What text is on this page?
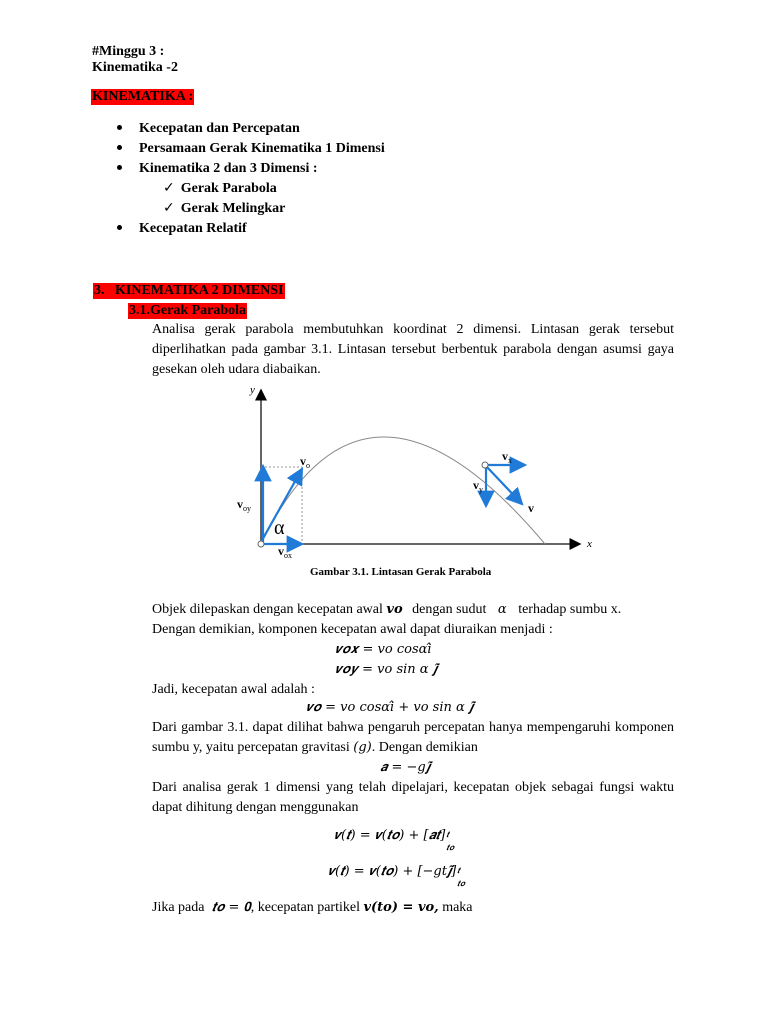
#Minggu 3 :
Kinematika -2
KINEMATIKA :
Kecepatan dan Percepatan
Persamaan Gerak Kinematika 1 Dimensi
Kinematika 2 dan 3 Dimensi :
✓ Gerak Parabola
✓ Gerak Melingkar
Kecepatan Relatif
3. KINEMATIKA 2 DIMENSI
3.1.Gerak Parabola
Analisa gerak parabola membutuhkan koordinat 2 dimensi. Lintasan gerak tersebut diperlihatkan pada gambar 3.1. Lintasan tersebut berbentuk parabola dengan asumsi gaya gesekan oleh udara diabaikan.
α
y
x
$v_o$
$v_{oy}$
$v_{ox}$
$v_x$
$v_y$
v
Gambar 3.1. Lintasan Gerak Parabola
Objek dilepaskan dengan kecepatan awal 𝒗𝒐 dengan sudut α terhadap sumbu x.
Dengan demikian, komponen kecepatan awal dapat diuraikan menjadi :
𝒗𝒐𝒙 = 𝑣𝑜 𝑐𝑜𝑠𝛼𝑖̂
𝒗𝒐𝒚 = 𝑣𝑜 sin 𝛼 𝒋̂
Jadi, kecepatan awal adalah :
𝒗𝒐 = 𝑣𝑜 𝑐𝑜𝑠𝛼𝑖̂ + 𝑣𝑜 sin 𝛼 𝒋̂
Dari gambar 3.1. dapat dilihat bahwa pengaruh percepatan hanya mempengaruhi komponen sumbu y, yaitu percepatan gravitasi (𝑔). Dengan demikian
𝒂 = −𝑔𝒋̂
Dari analisa gerak 1 dimensi yang telah dipelajari, kecepatan objek sebagai fungsi waktu dapat dihitung dengan menggunakan
𝒗(𝒕) = 𝒗(𝒕𝒐) + [𝒂𝒕] 𝒕
𝒕𝒐
𝒗(𝒕) = 𝒗(𝒕𝒐) + [−𝑔𝑡𝒋̂] 𝒕
𝒕𝒐
Jika pada 𝒕𝒐 = 𝟎, kecepatan partikel 𝒗(𝒕𝒐) = 𝒗𝒐, maka
